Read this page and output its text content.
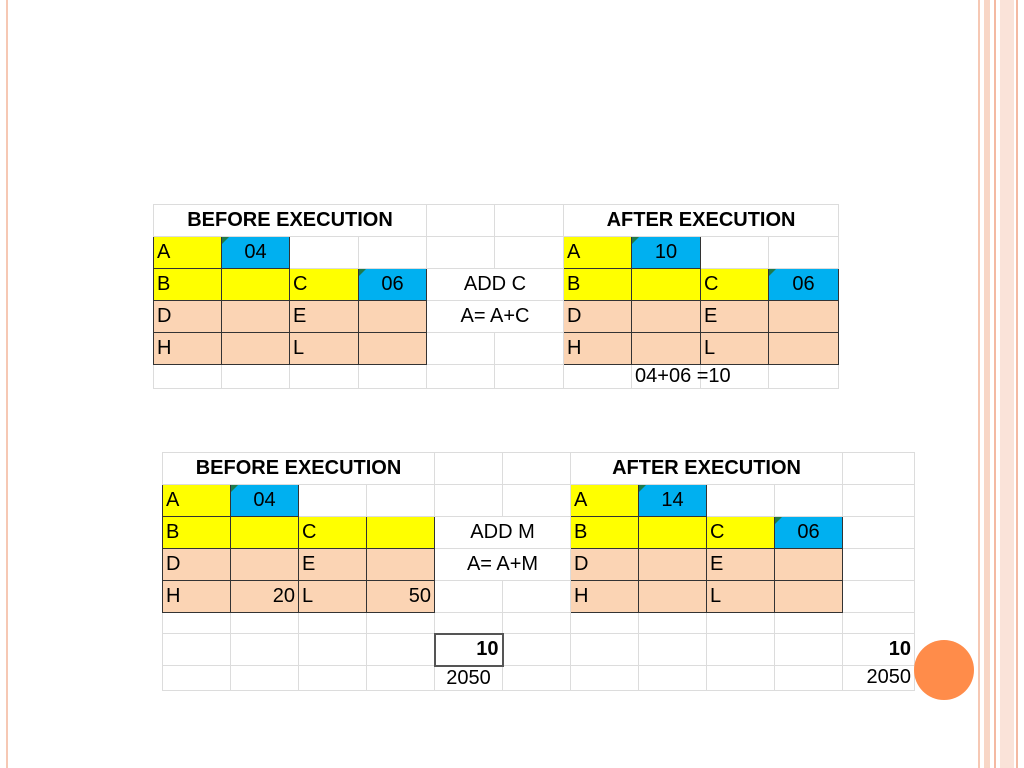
BEFORE EXECUTION						AFTER EXECUTION			
A	04					A	10		
B		C	06	ADD C		B		C	06
D		E		A= A+C		D		E	
H		L				H		L	
							04+06 =10		
BEFORE EXECUTION						AFTER EXECUTION				
A	04					A	14			
B		C		ADD M		B		C	06	
D		E		A= A+M		D		E		
H	20	L	50			H		L		

				10						10
				2050						2050
